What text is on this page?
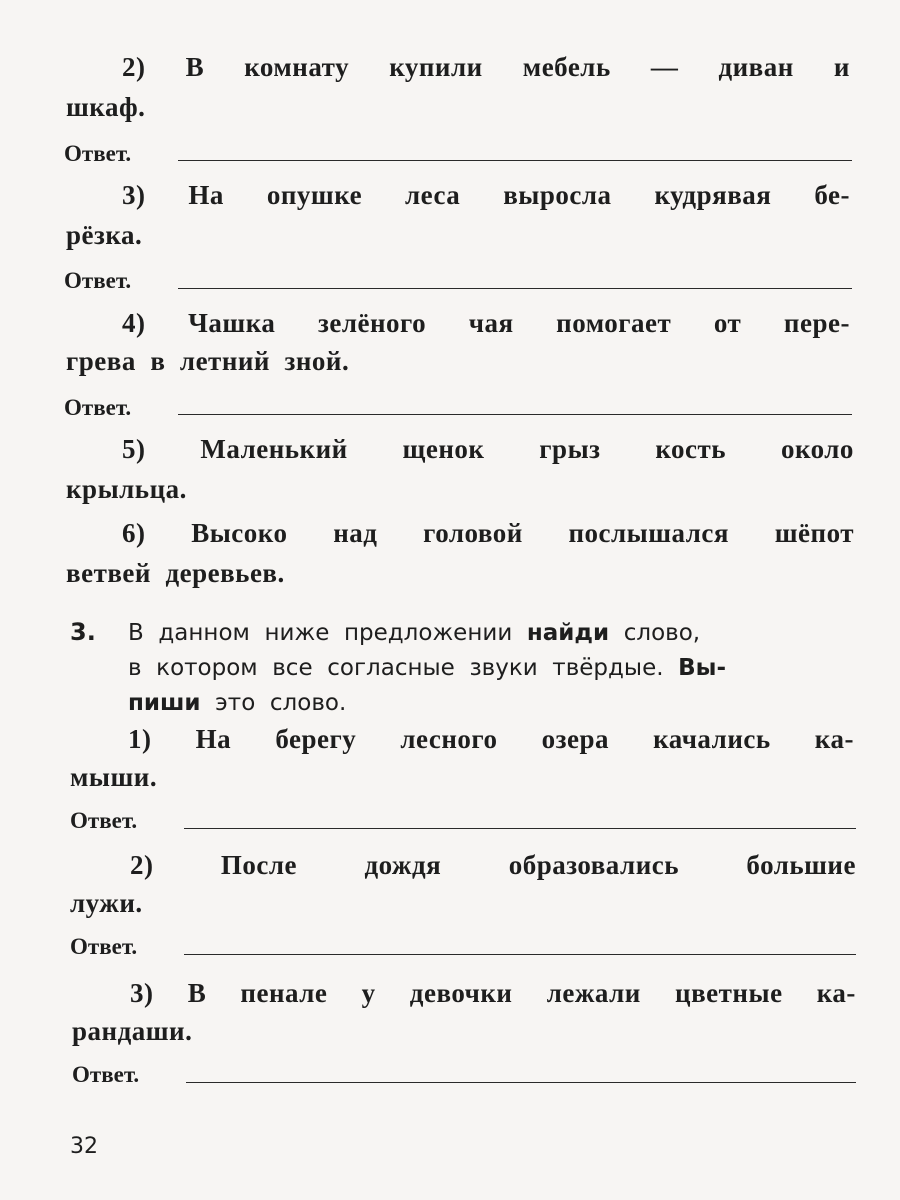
2) В комнату купили мебель — диван и
шкаф.
Ответ.
3) На опушке леса выросла кудрявая бе-
рёзка.
Ответ.
4) Чашка зелёного чая помогает от пере-
грева  в  летний  зной.
Ответ.
5) Маленький щенок грыз кость около
крыльца.
6) Высоко над головой послышался шёпот
ветвей  деревьев.
3. В  данном  ниже  предложении  найди  слово,
в  котором  все  согласные  звуки  твёрдые.  Вы-
пиши  это  слово.
1) На берегу лесного озера качались ка-
мыши.
Ответ.
2) После дождя образовались большие
лужи.
Ответ.
3) В пенале у девочки лежали цветные ка-
рандаши.
Ответ.
32
